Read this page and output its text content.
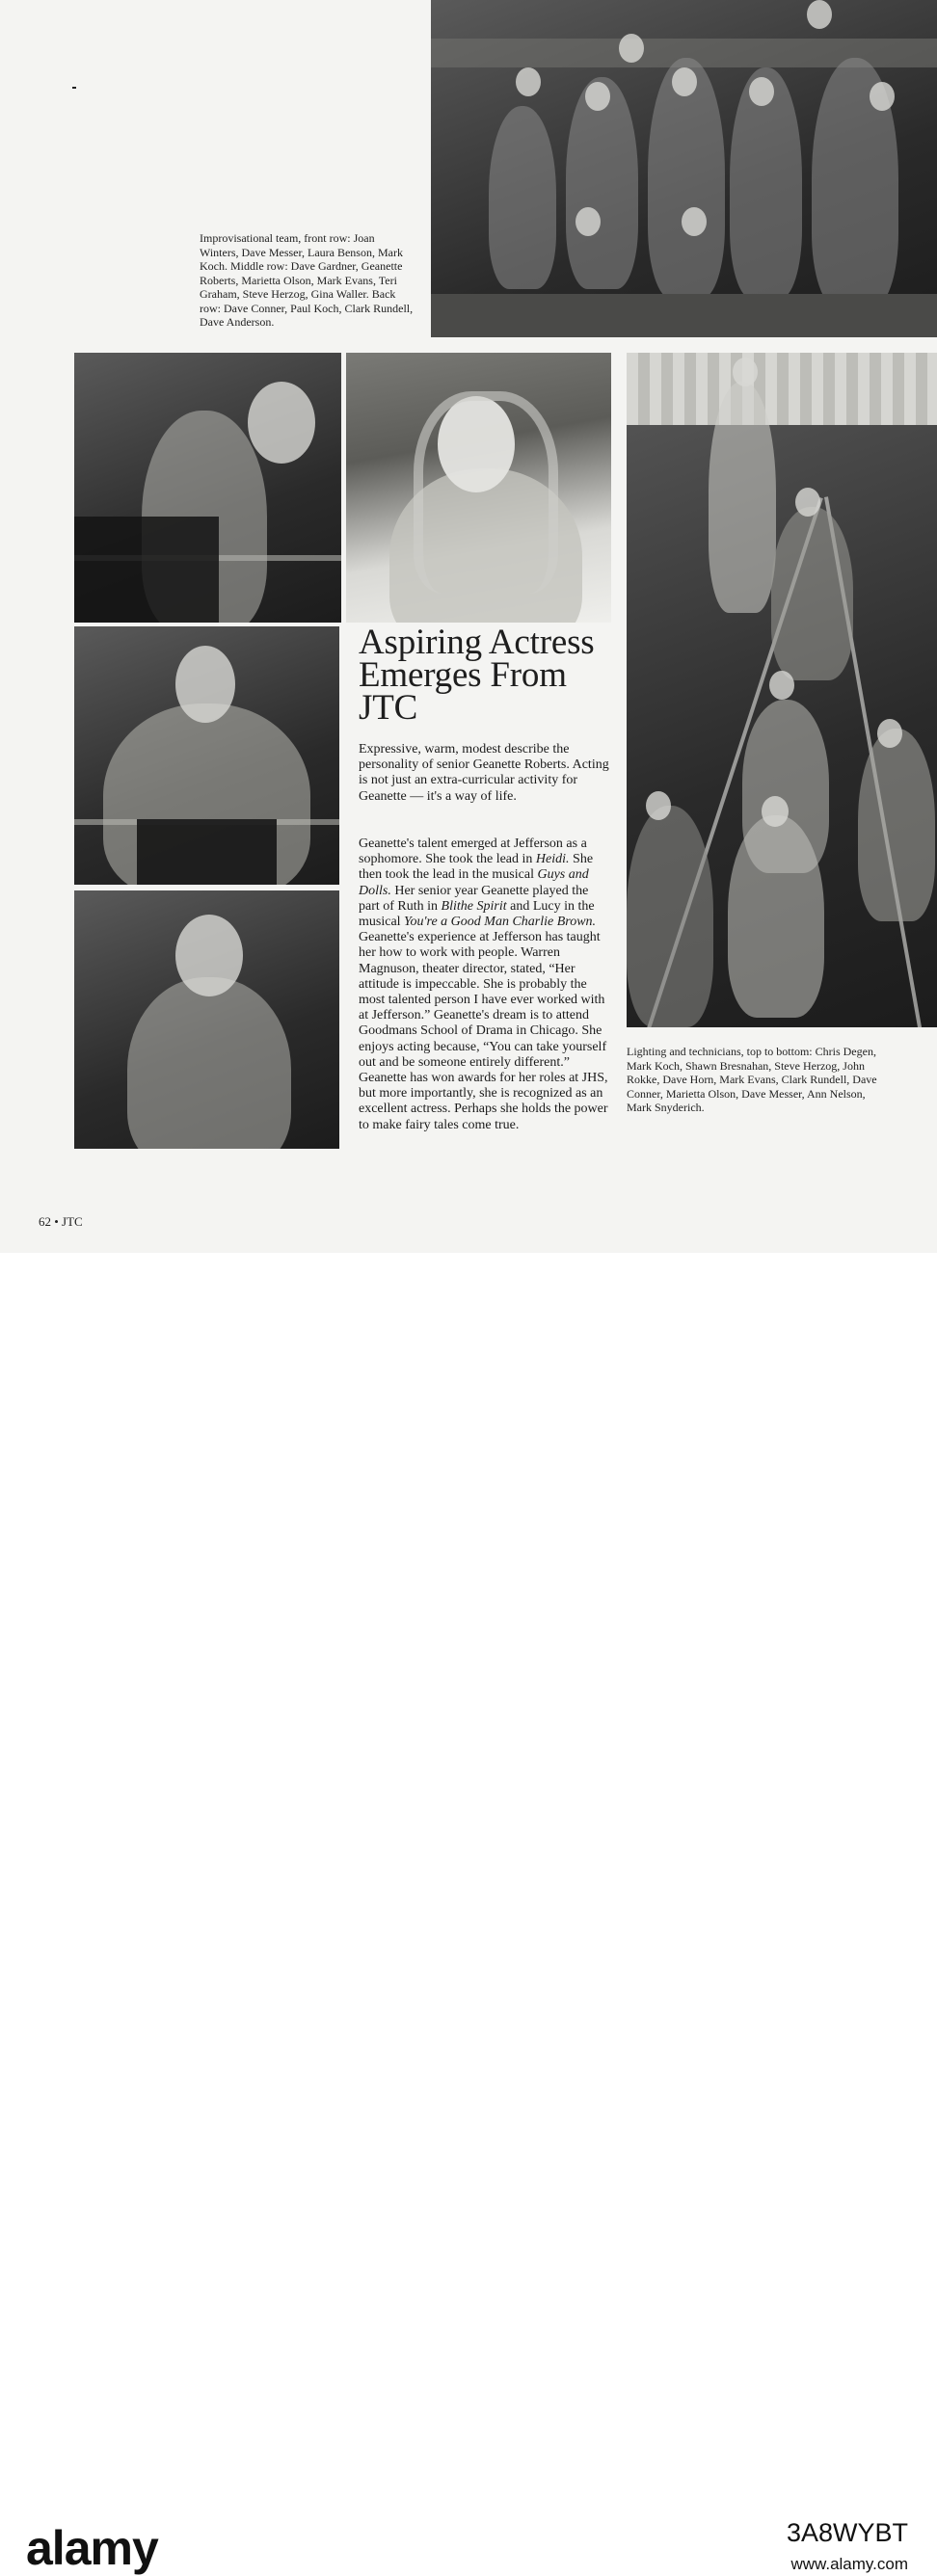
Improvisational team, front row: Joan Winters, Dave Messer, Laura Benson, Mark Koch. Middle row: Dave Gardner, Geanette Roberts, Marietta Olson, Mark Evans, Teri Graham, Steve Herzog, Gina Waller. Back row: Dave Conner, Paul Koch, Clark Rundell, Dave Anderson.
Aspiring Actress
Emerges From
JTC

Expressive, warm, modest describe the personality of senior Geanette Roberts. Acting is not just an extra-curricular activity for Geanette — it's a way of life.

Geanette's talent emerged at Jefferson as a sophomore. She took the lead in Heidi. She then took the lead in the musical Guys and Dolls. Her senior year Geanette played the part of Ruth in Blithe Spirit and Lucy in the musical You're a Good Man Charlie Brown. Geanette's experience at Jefferson has taught her how to work with people. Warren Magnuson, theater director, stated, “Her attitude is impeccable. She is probably the most talented person I have ever worked with at Jefferson.” Geanette's dream is to attend Goodmans School of Drama in Chicago. She enjoys acting because, “You can take yourself out and be someone entirely different.” Geanette has won awards for her roles at JHS, but more importantly, she is recognized as an excellent actress. Perhaps she holds the power to make fairy tales come true.

Lighting and technicians, top to bottom: Chris Degen, Mark Koch, Shawn Bresnahan, Steve Herzog, John Rokke, Dave Horn, Mark Evans, Clark Rundell, Dave Conner, Marietta Olson, Dave Messer, Ann Nelson, Mark Snyderich.
62 • JTC
alamy	3A8WYBT
www.alamy.com
